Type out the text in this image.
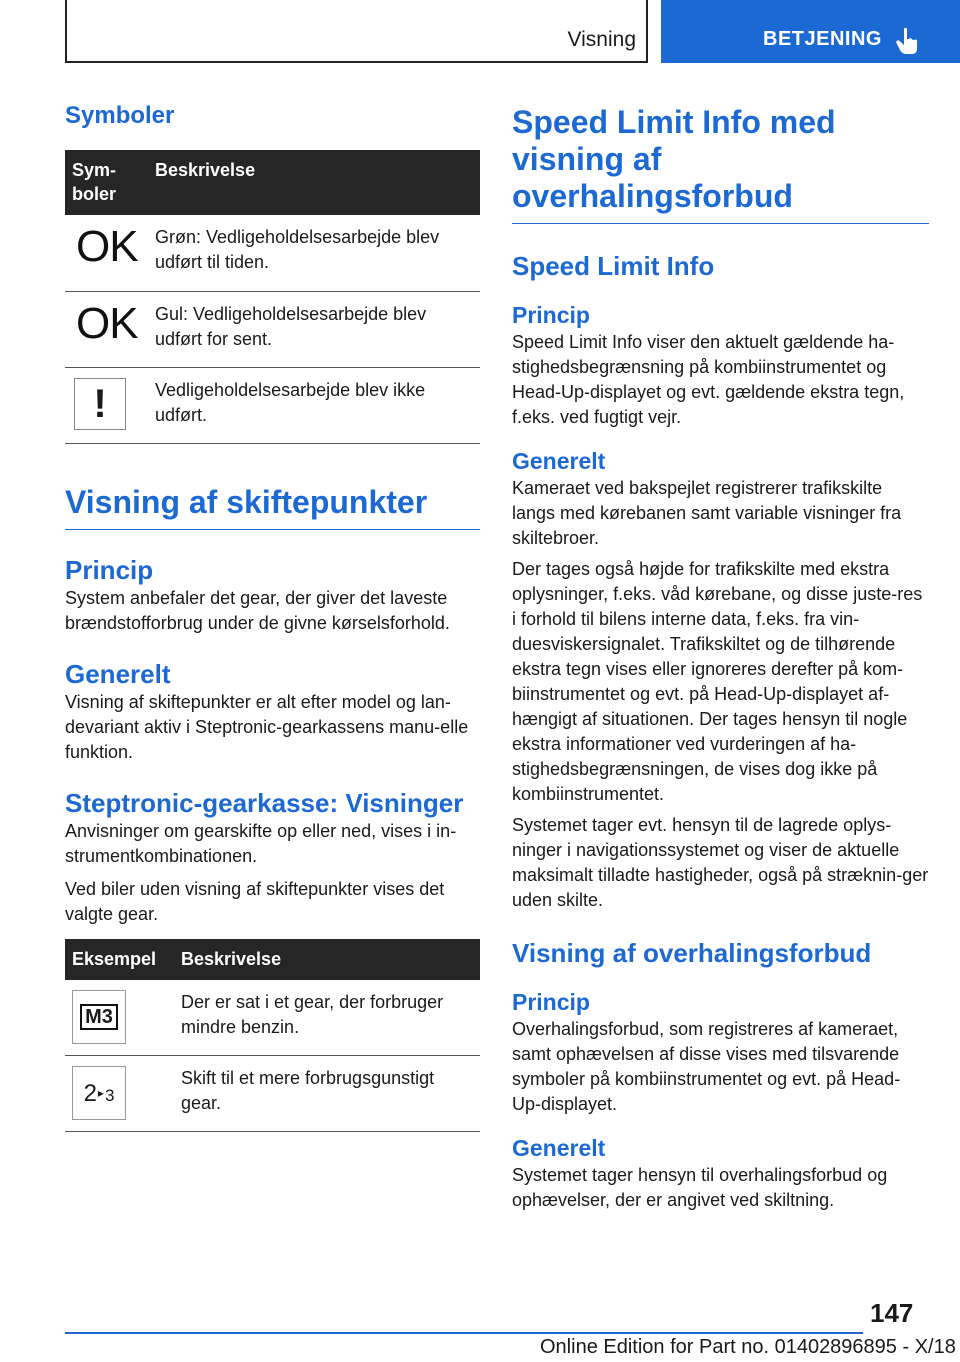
Visning	BETJENING
Symboler
Sym-
boler	Beskrivelse

OK	Grøn: Vedligeholdelsesarbejde blev udført til tiden.

OK	Gul: Vedligeholdelsesarbejde blev udført for sent.

!	Vedligeholdelsesarbejde blev ikke udført.
Visning af skiftepunkter
Princip

System anbefaler det gear, der giver det laveste brændstofforbrug under de givne kørselsforhold.

Generelt

Visning af skiftepunkter er alt efter model og lan-devariant aktiv i Steptronic-gearkassens manu-elle funktion.

Steptronic-gearkasse: Visninger

Anvisninger om gearskifte op eller ned, vises i in-strumentkombinationen.

Ved biler uden visning af skiftepunkter vises det valgte gear.

Eksempel	Beskrivelse

M3	Der er sat i et gear, der forbruger mindre benzin.

2 ▸ 3	Skift til et mere forbrugsgunstigt gear.
Speed Limit Info med visning af overhalingsforbud
Speed Limit Info
Princip

Speed Limit Info viser den aktuelt gældende ha-stighedsbegrænsning på kombiinstrumentet og Head-Up-displayet og evt. gældende ekstra tegn, f.eks. ved fugtigt vejr.

Generelt

Kameraet ved bakspejlet registrerer trafikskilte langs med kørebanen samt variable visninger fra skiltebroer.

Der tages også højde for trafikskilte med ekstra oplysninger, f.eks. våd kørebane, og disse juste-res i forhold til bilens interne data, f.eks. fra vin-duesviskersignalet. Trafikskiltet og de tilhørende ekstra tegn vises eller ignoreres derefter på kom-biinstrumentet og evt. på Head-Up-displayet af-hængigt af situationen. Der tages hensyn til nogle ekstra informationer ved vurderingen af ha-stighedsbegrænsningen, de vises dog ikke på kombiinstrumentet.

Systemet tager evt. hensyn til de lagrede oplys-ninger i navigationssystemet og viser de aktuelle maksimalt tilladte hastigheder, også på stræknin-ger uden skilte.

Visning af overhalingsforbud
Princip

Overhalingsforbud, som registreres af kameraet, samt ophævelsen af disse vises med tilsvarende symboler på kombiinstrumentet og evt. på Head-Up-displayet.

Generelt

Systemet tager hensyn til overhalingsforbud og ophævelser, der er angivet ved skiltning.

147
Online Edition for Part no. 01402896895 - X/18
